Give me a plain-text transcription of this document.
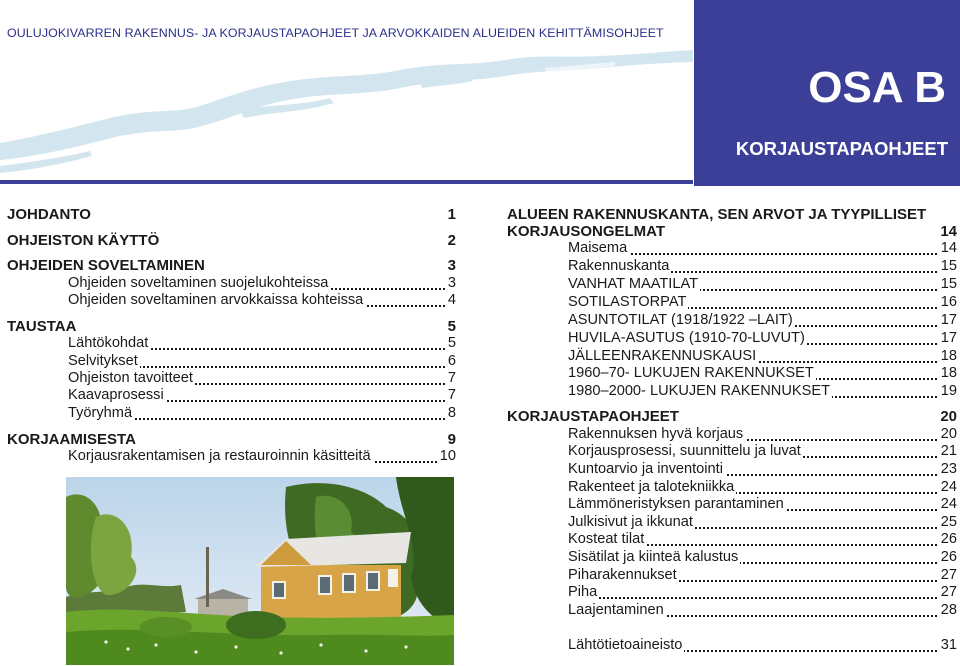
OULUJOKIVARREN RAKENNUS- JA KORJAUSTAPAOHJEET JA ARVOKKAIDEN ALUEIDEN KEHITTÄMISOHJEET
OSA B
KORJAUSTAPAOHJEET
JOHDANTO	1
OHJEISTON KÄYTTÖ	2
OHJEIDEN SOVELTAMINEN	3
Ohjeiden soveltaminen suojelukohteissa	3
Ohjeiden soveltaminen arvokkaissa kohteissa	4
TAUSTAA	5
Lähtökohdat	5
Selvitykset	6
Ohjeiston tavoitteet	7
Kaavaprosessi	7
Työryhmä	8
KORJAAMISESTA	9
Korjausrakentamisen ja restauroinnin käsitteitä	10
ALUEEN RAKENNUSKANTA, SEN ARVOT JA TYYPILLISET
KORJAUSONGELMAT	14
Maisema	14
Rakennuskanta	15
VANHAT MAATILAT	15
SOTILASTORPAT	16
ASUNTOTILAT (1918/1922 –LAIT)	17
HUVILA-ASUTUS (1910-70-LUVUT)	17
JÄLLEENRAKENNUSKAUSI	18
1960–70- LUKUJEN RAKENNUKSET	18
1980–2000- LUKUJEN RAKENNUKSET	19
KORJAUSTAPAOHJEET	20
Rakennuksen hyvä korjaus	20
Korjausprosessi, suunnittelu ja luvat	21
Kuntoarvio ja inventointi	23
Rakenteet ja talotekniikka	24
Lämmöneristyksen parantaminen	24
Julkisivut ja ikkunat	25
Kosteat tilat	26
Sisätilat ja kiinteä kalustus	26
Piharakennukset	27
Piha	27
Laajentaminen	28
Lähtötietoaineisto	31
